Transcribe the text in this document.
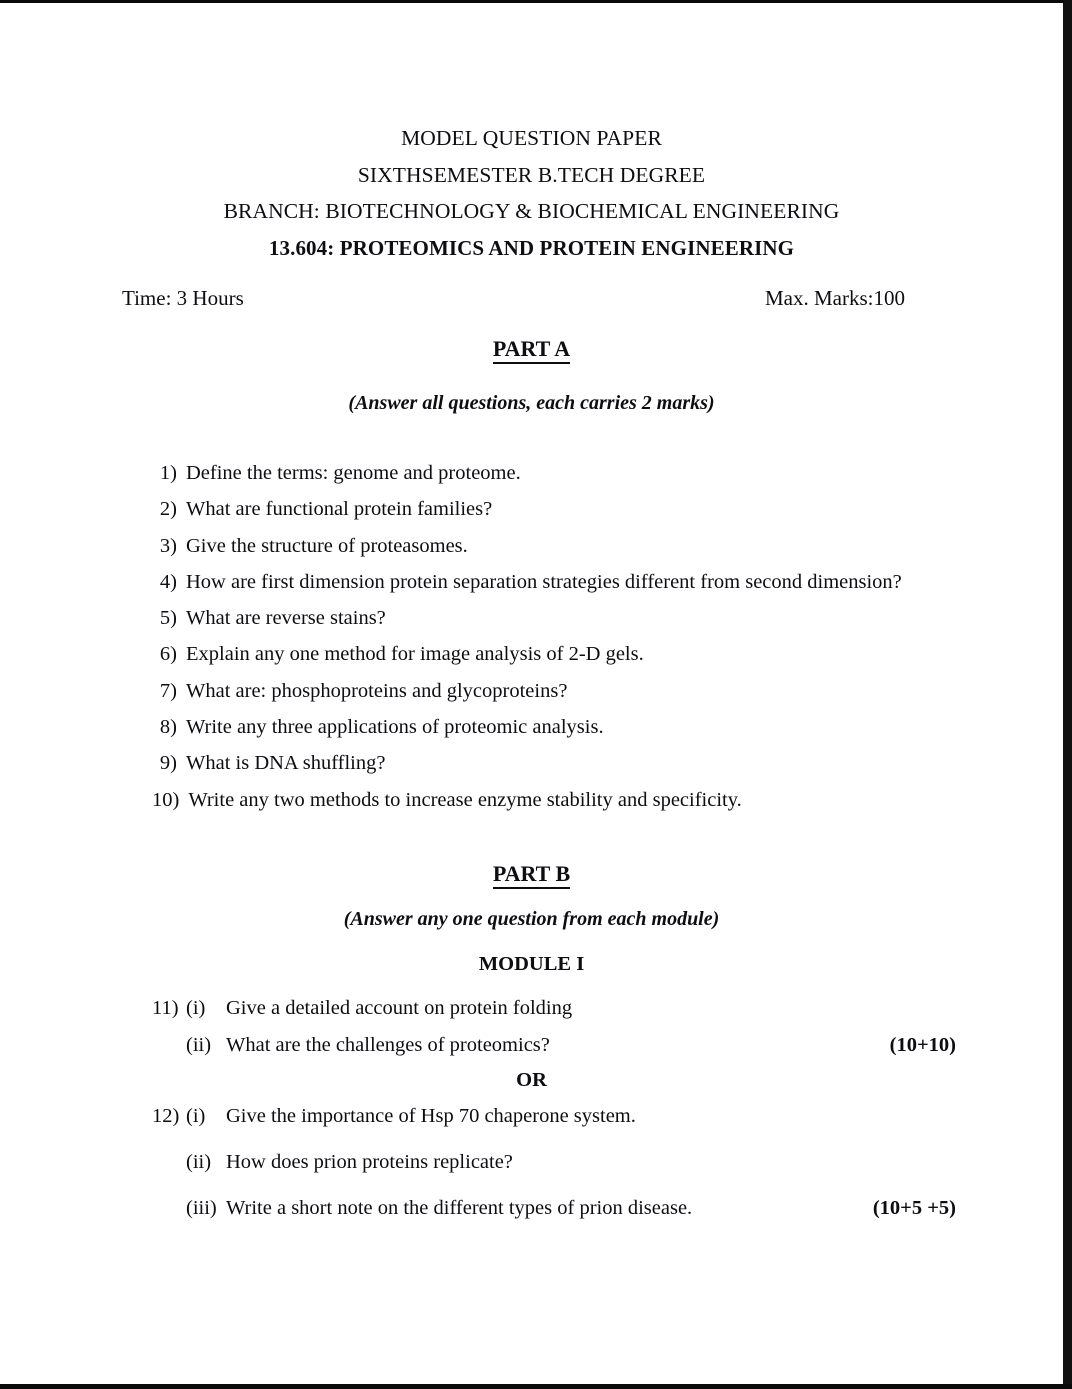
MODEL QUESTION PAPER
SIXTHSEMESTER B.TECH DEGREE
BRANCH: BIOTECHNOLOGY & BIOCHEMICAL ENGINEERING
13.604: PROTEOMICS AND PROTEIN ENGINEERING
Time: 3 Hours	Max. Marks:100
PART A
(Answer all questions, each carries 2 marks)
1) Define the terms: genome and proteome.
2) What are functional protein families?
3) Give the structure of proteasomes.
4) How are first dimension protein separation strategies different from second dimension?
5) What are reverse stains?
6) Explain any one method for image analysis of 2-D gels.
7) What are: phosphoproteins and glycoproteins?
8) Write any three applications of proteomic analysis.
9) What is DNA shuffling?
10) Write any two methods to increase enzyme stability and specificity.
PART B
(Answer any one question from each module)
MODULE I
11) (i)	Give a detailed account on protein folding
(ii) What are the challenges of proteomics?	(10+10)
OR
12) (i)	Give the importance of Hsp 70 chaperone system.
(ii) How does prion proteins replicate?
(iii) Write a short note on the different types of prion disease.	(10+5 +5)
